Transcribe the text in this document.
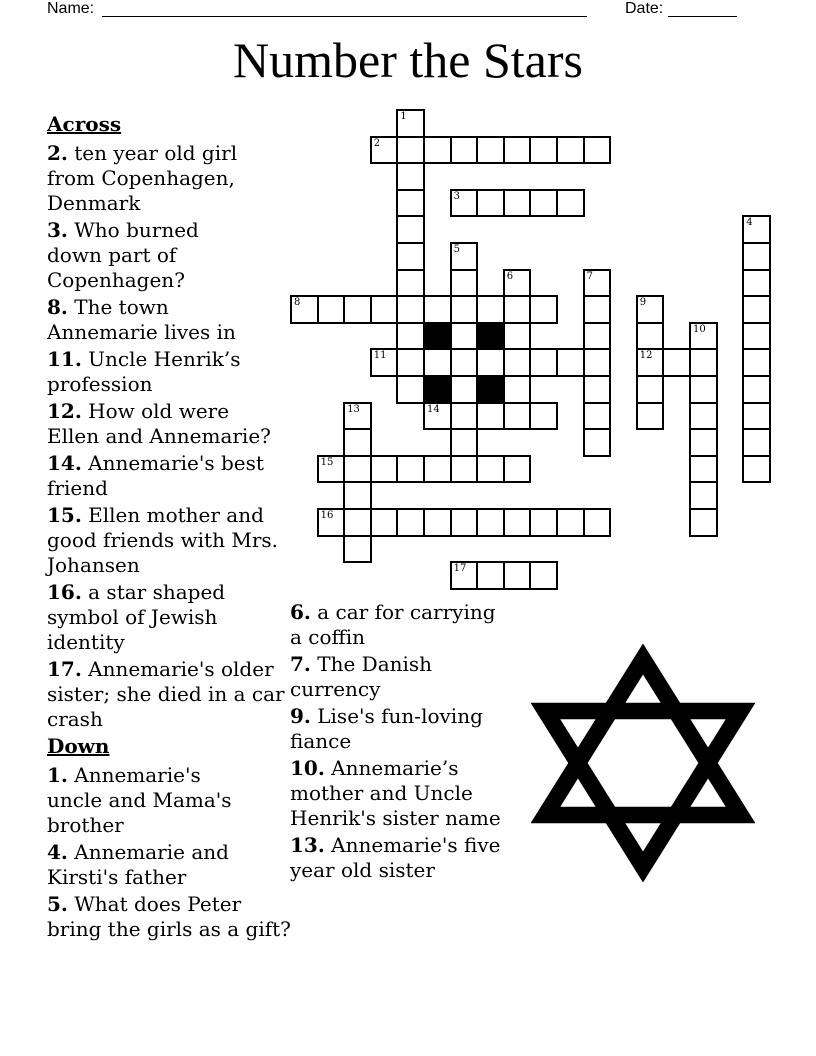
Name:	Date:
Number the Stars
1
2
3
4
5
6	7
8	9
12
10
11
13	14
15
16
17
Across
2. ten year old girl
from Copenhagen,
Denmark
3. Who burned
down part of
Copenhagen?
8. The town
Annemarie lives in
11. Uncle Henrik’s
profession
12. How old were
Ellen and Annemarie?
14. Annemarie's best
friend
15. Ellen mother and
good friends with Mrs.
Johansen
16. a star shaped
symbol of Jewish
identity
17. Annemarie's older
sister; she died in a car
crash
Down
1. Annemarie's
uncle and Mama's
brother
4. Annemarie and
Kirsti's father
5. What does Peter
bring the girls as a gift?
6. a car for carrying
a coffin
7. The Danish
currency
9. Lise's fun-loving
fiance
10. Annemarie’s
mother and Uncle
Henrik's sister name
13. Annemarie's five
year old sister
